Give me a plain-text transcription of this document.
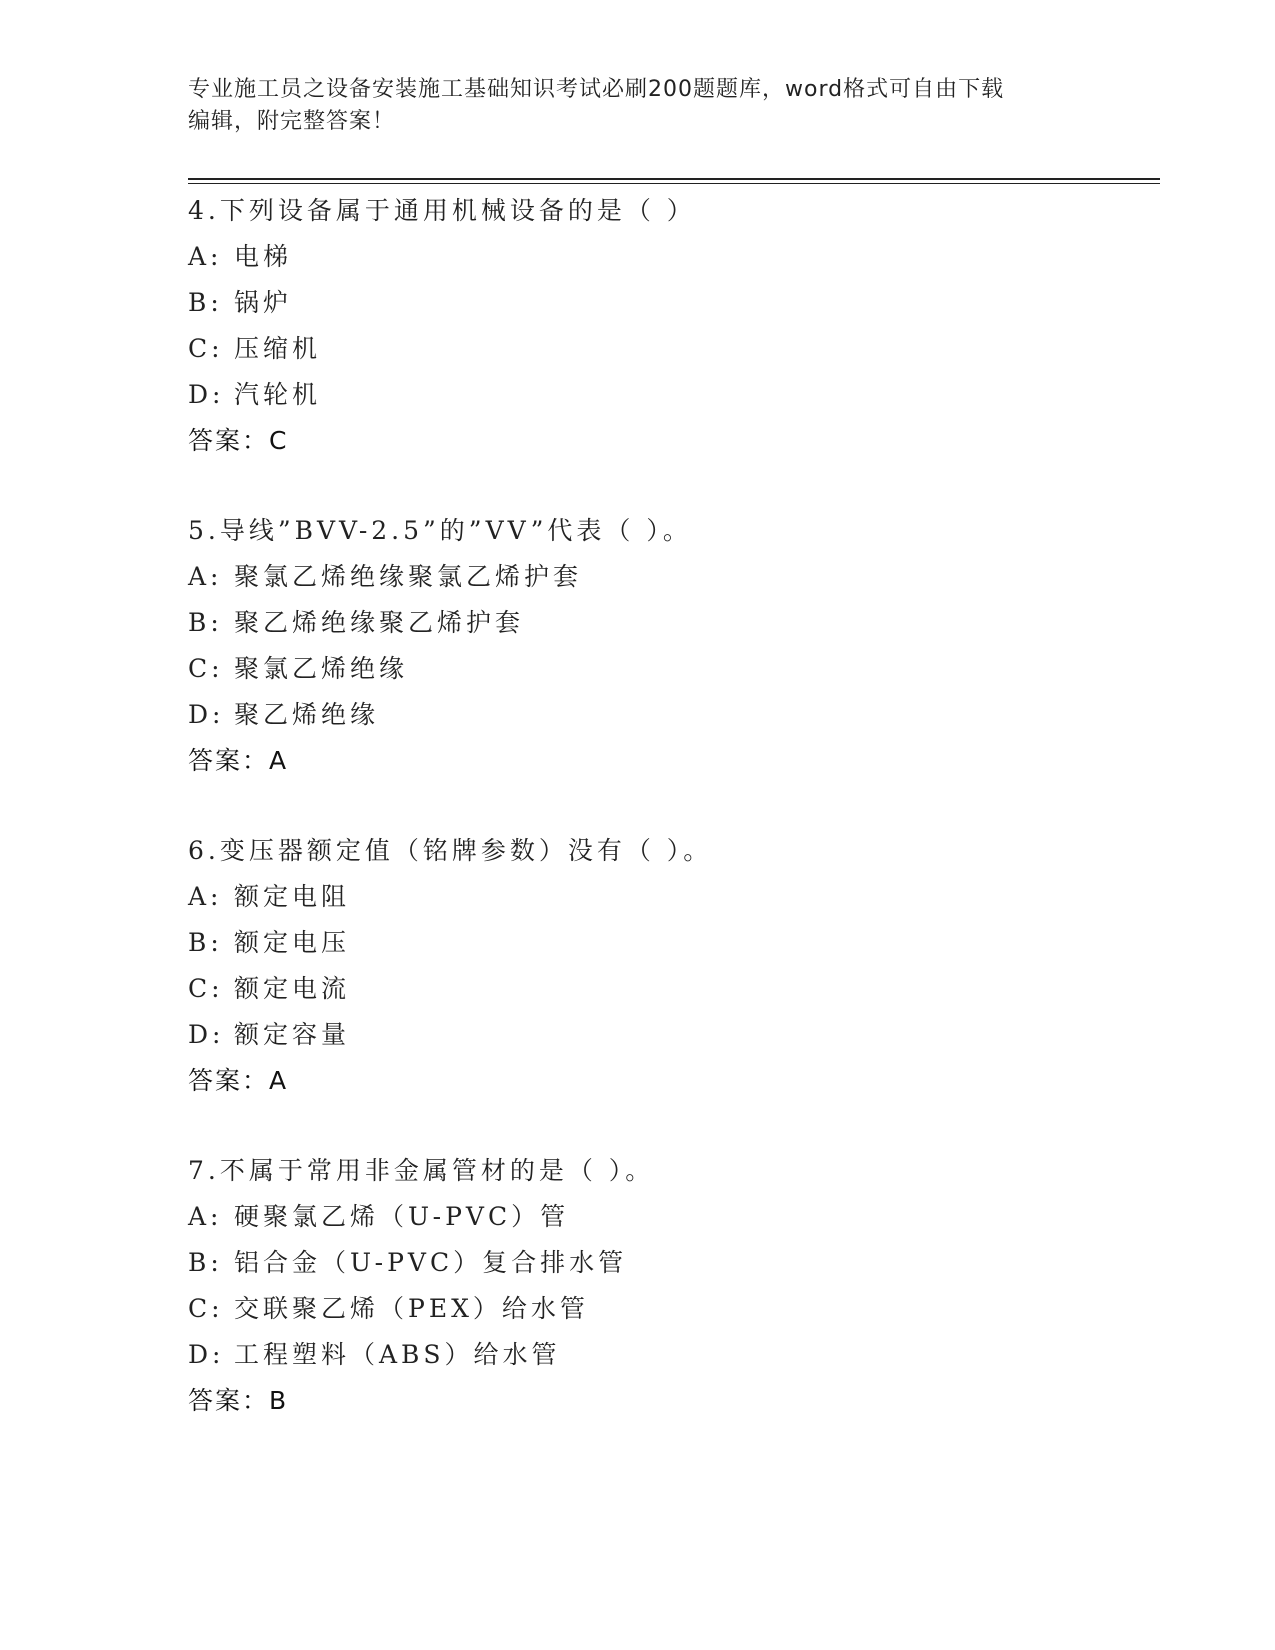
专业施工员之设备安装施工基础知识考试必刷200题题库，word格式可自由下载
编辑，附完整答案！
4.下列设备属于通用机械设备的是（ ）
A: 电梯
B: 锅炉
C: 压缩机
D: 汽轮机
答案：C
5.导线”BVV-2.5”的”VV”代表（ ）。
A: 聚氯乙烯绝缘聚氯乙烯护套
B: 聚乙烯绝缘聚乙烯护套
C: 聚氯乙烯绝缘
D: 聚乙烯绝缘
答案：A
6.变压器额定值（铭牌参数）没有（ ）。
A: 额定电阻
B: 额定电压
C: 额定电流
D: 额定容量
答案：A
7.不属于常用非金属管材的是（ ）。
A: 硬聚氯乙烯（U-PVC）管
B: 铝合金（U-PVC）复合排水管
C: 交联聚乙烯（PEX）给水管
D: 工程塑料（ABS）给水管
答案：B
